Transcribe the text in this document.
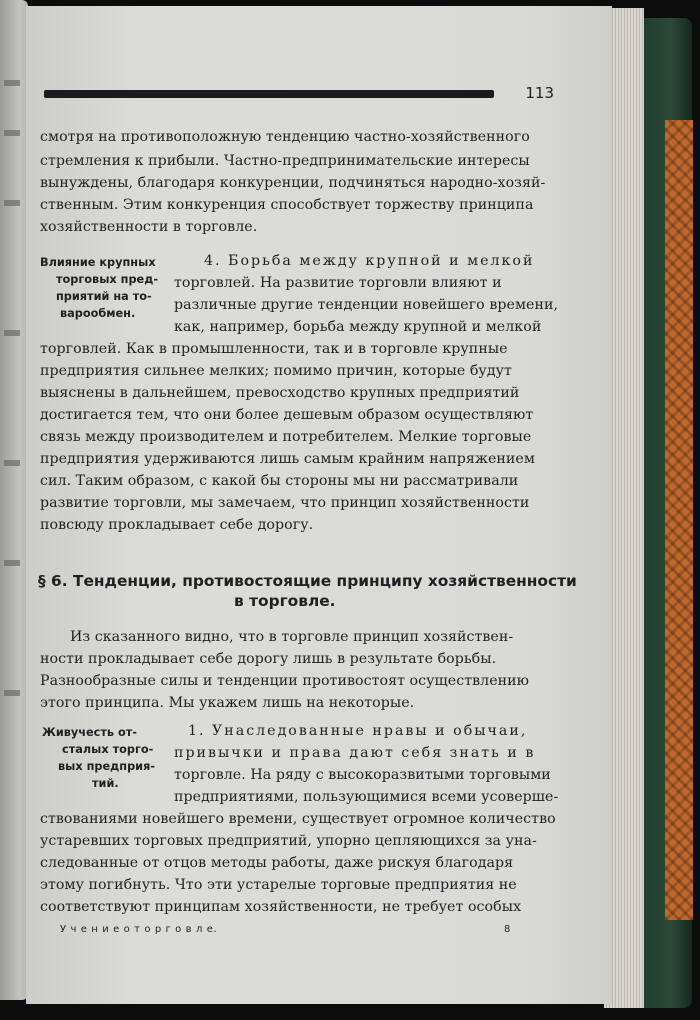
113
смотря на противоположную тенденцию частно-хозяйственного
стремления к прибыли. Частно-предпринимательские интересы
вынуждены, благодаря конкуренции, подчиняться народно-хозяй-
ственным. Этим конкуренция способствует торжеству принципа
хозяйственности в торговле.
Влияние крупных
торговых пред-
приятий на то-
варообмен.
4. Борьба между крупной и мелкой
торговлей. На развитие торговли влияют и
различные другие тенденции новейшего времени,
как, например, борьба между крупной и мелкой
торговлей. Как в промышленности, так и в торговле крупные
предприятия сильнее мелких; помимо причин, которые будут
выяснены в дальнейшем, превосходство крупных предприятий
достигается тем, что они более дешевым образом осуществляют
связь между производителем и потребителем. Мелкие торговые
предприятия удерживаются лишь самым крайним напряжением
сил. Таким образом, с какой бы стороны мы ни рассматривали
развитие торговли, мы замечаем, что принцип хозяйственности
повсюду прокладывает себе дорогу.
§ 6. Тенденции, противостоящие принципу хозяйственности
в торговле.
Из сказанного видно, что в торговле принцип хозяйствен-
ности прокладывает себе дорогу лишь в результате борьбы.
Разнообразные силы и тенденции противостоят осуществлению
этого принципа. Мы укажем лишь на некоторые.
Живучесть от-
сталых торго-
вых предприя-
тий.
1. Унаследованные нравы и обычаи,
привычки и права дают себя знать и в
торговле. На ряду с высокоразвитыми торговыми
предприятиями, пользующимися всеми усоверше-
ствованиями новейшего времени, существует огромное количество
устаревших торговых предприятий, упорно цепляющихся за уна-
следованные от отцов методы работы, даже рискуя благодаря
этому погибнуть. Что эти устарелые торговые предприятия не
соответствуют принципам хозяйственности, не требует особых
У ч е н и е о т о р г о в л е.	8
